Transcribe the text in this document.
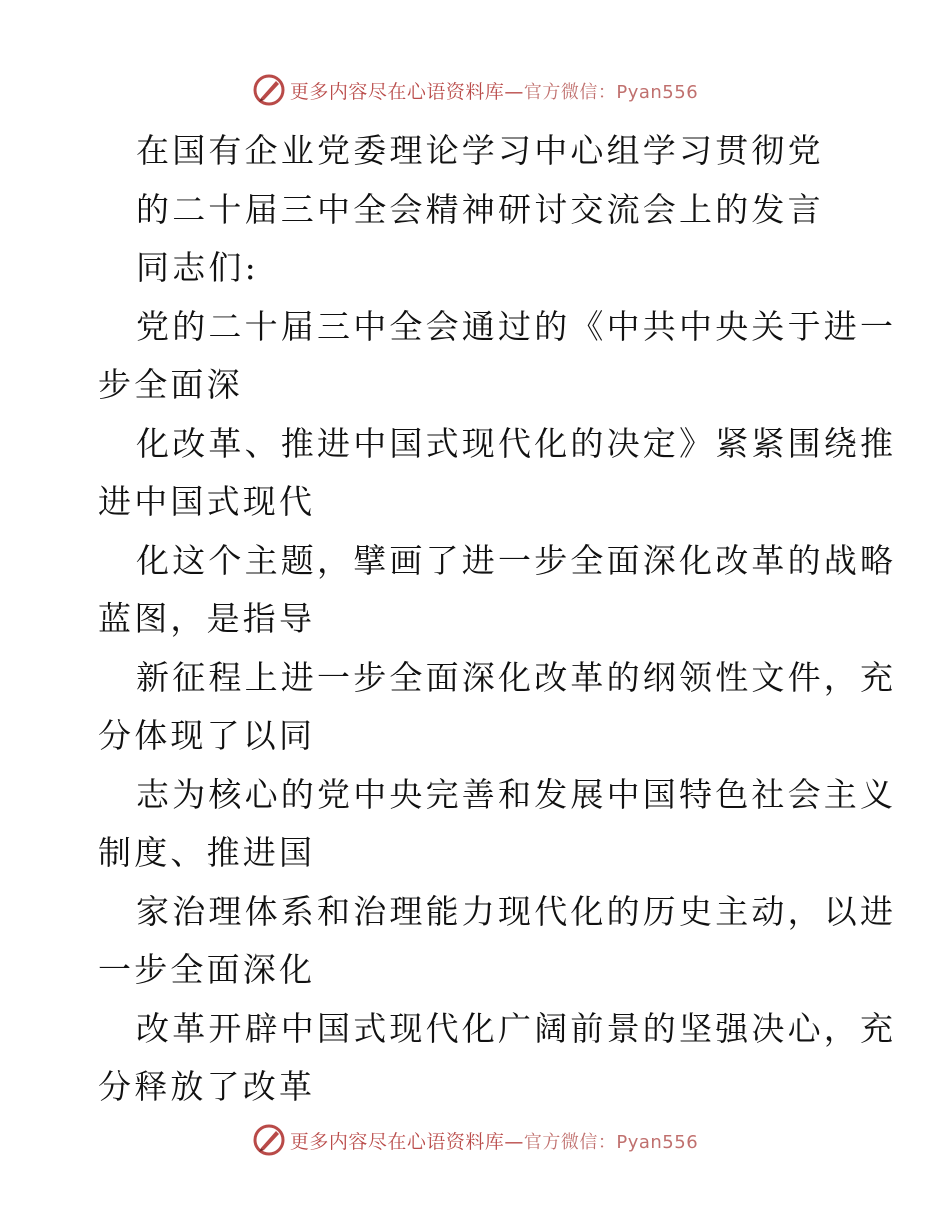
更多内容尽在心语资料库—官方微信：Pyan556
在国有企业党委理论学习中心组学习贯彻党
的二十届三中全会精神研讨交流会上的发言
同志们:
党的二十届三中全会通过的《中共中央关于进一
步全面深
化改革、推进中国式现代化的决定》紧紧围绕推
进中国式现代
化这个主题，擘画了进一步全面深化改革的战略
蓝图，是指导
新征程上进一步全面深化改革的纲领性文件，充
分体现了以同
志为核心的党中央完善和发展中国特色社会主义
制度、推进国
家治理体系和治理能力现代化的历史主动，以进
一步全面深化
改革开辟中国式现代化广阔前景的坚强决心，充
分释放了改革
更多内容尽在心语资料库—官方微信：Pyan556
